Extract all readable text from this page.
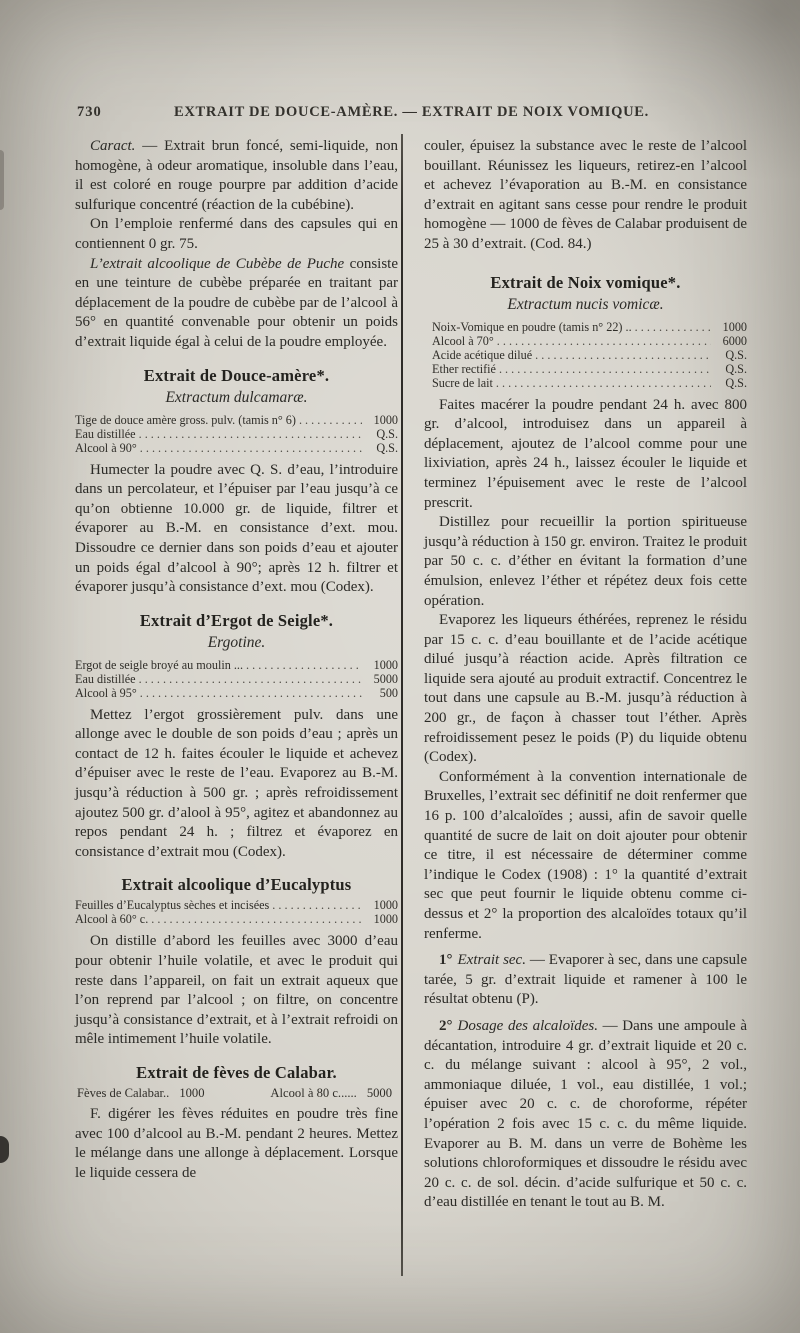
730	EXTRAIT DE DOUCE-AMÈRE. — EXTRAIT DE NOIX VOMIQUE.

Caract. — Extrait brun foncé, semi-liquide, non homogène, à odeur aromatique, insoluble dans l’eau, il est coloré en rouge pourpre par addition d’acide sulfurique concentré (réaction de la cubébine).

On l’emploie renfermé dans des capsules qui en contiennent 0 gr. 75.

L’extrait alcoolique de Cubèbe de Puche consiste en une teinture de cubèbe préparée en traitant par déplacement de la poudre de cubèbe par de l’alcool à 56° en quantité convenable pour obtenir un poids d’extrait liquide égal à celui de la poudre employée.

Extrait de Douce-amère*.
Extractum dulcamaræ.
Tige de douce amère gross. pulv. (tamis n° 6) . . .	1000
Eau distillée . . .	Q.S.
Alcool à 90° . . .	Q.S.

Humecter la poudre avec Q. S. d’eau, l’introduire dans un percolateur, et l’épuiser par l’eau jusqu’à ce qu’on obtienne 10.000 gr. de liquide, filtrer et évaporer au B.-M. en consistance d’ext. mou. Dissoudre ce dernier dans son poids d’eau et ajouter un poids égal d’alcool à 90°; après 12 h. filtrer et évaporer jusqu’à consistance d’ext. mou (Codex).

Extrait d’Ergot de Seigle*.
Ergotine.
Ergot de seigle broyé au moulin ... . . .	1000
Eau distillée . . .	5000
Alcool à 95° . . .	500

Mettez l’ergot grossièrement pulv. dans une allonge avec le double de son poids d’eau ; après un contact de 12 h. faites écouler le liquide et achevez d’épuiser avec le reste de l’eau. Evaporez au B.-M. jusqu’à réduction à 500 gr. ; après refroidissement ajoutez 500 gr. d’alool à 95°, agitez et abandonnez au repos pendant 24 h. ; filtrez et évaporez en consistance d’extrait mou (Codex).

Extrait alcoolique d’Eucalyptus
Feuilles d’Eucalyptus sèches et incisées . . .	1000
Alcool à 60° c. . . .	1000

On distille d’abord les feuilles avec 3000 d’eau pour obtenir l’huile volatile, et avec le produit qui reste dans l’appareil, on fait un extrait aqueux que l’on reprend par l’alcool ; on filtre, on concentre jusqu’à consistance d’extrait, et à l’extrait refroidi on mêle intimement l’huile volatile.

Extrait de fèves de Calabar.
Fèves de Calabar.. 1000	Alcool à 80 c...... 5000

F. digérer les fèves réduites en poudre très fine avec 100 d’alcool au B.-M. pendant 2 heures. Mettez le mélange dans une allonge à déplacement. Lorsque le liquide cessera de

couler, épuisez la substance avec le reste de l’alcool bouillant. Réunissez les liqueurs, retirez-en l’alcool et achevez l’évaporation au B.-M. en consistance d’extrait en agitant sans cesse pour rendre le produit homogène — 1000 de fèves de Calabar produisent de 25 à 30 d’extrait. (Cod. 84.)

Extrait de Noix vomique*.
Extractum nucis vomicæ.
Noix-Vomique en poudre (tamis n° 22) .. . . .	1000
Alcool à 70° . . .	6000
Acide acétique dilué . . .	Q.S.
Ether rectifié . . .	Q.S.
Sucre de lait . . .	Q.S.

Faites macérer la poudre pendant 24 h. avec 800 gr. d’alcool, introduisez dans un appareil à déplacement, ajoutez de l’alcool comme pour une lixiviation, après 24 h., laissez écouler le liquide et terminez l’épuisement avec le reste de l’alcool prescrit.

Distillez pour recueillir la portion spiritueuse jusqu’à réduction à 150 gr. environ. Traitez le produit par 50 c. c. d’éther en évitant la formation d’une émulsion, enlevez l’éther et répétez deux fois cette opération.

Evaporez les liqueurs éthérées, reprenez le résidu par 15 c. c. d’eau bouillante et de l’acide acétique dilué jusqu’à réaction acide. Après filtration ce liquide sera ajouté au produit extractif. Concentrez le tout dans une capsule au B.-M. jusqu’à réduction à 200 gr., de façon à chasser tout l’éther. Après refroidissement pesez le poids (P) du liquide obtenu (Codex).

Conformément à la convention internationale de Bruxelles, l’extrait sec définitif ne doit renfermer que 16 p. 100 d’alcaloïdes ; aussi, afin de savoir quelle quantité de sucre de lait on doit ajouter pour obtenir ce titre, il est nécessaire de déterminer comme l’indique le Codex (1908) : 1° la quantité d’extrait sec que peut fournir le liquide obtenu comme ci-dessus et 2° la proportion des alcaloïdes totaux qu’il renferme.

1° Extrait sec. — Evaporer à sec, dans une capsule tarée, 5 gr. d’extrait liquide et ramener à 100 le résultat obtenu (P).

2° Dosage des alcaloïdes. — Dans une ampoule à décantation, introduire 4 gr. d’extrait liquide et 20 c. c. du mélange suivant : alcool à 95°, 2 vol., ammoniaque diluée, 1 vol., eau distillée, 1 vol.; épuiser avec 20 c. c. de choroforme, répéter l’opération 2 fois avec 15 c. c. du même liquide. Evaporer au B. M. dans un verre de Bohème les solutions chloroformiques et dissoudre le résidu avec 20 c. c. de sol. décin. d’acide sulfurique et 50 c. c. d’eau distillée en tenant le tout au B. M.
